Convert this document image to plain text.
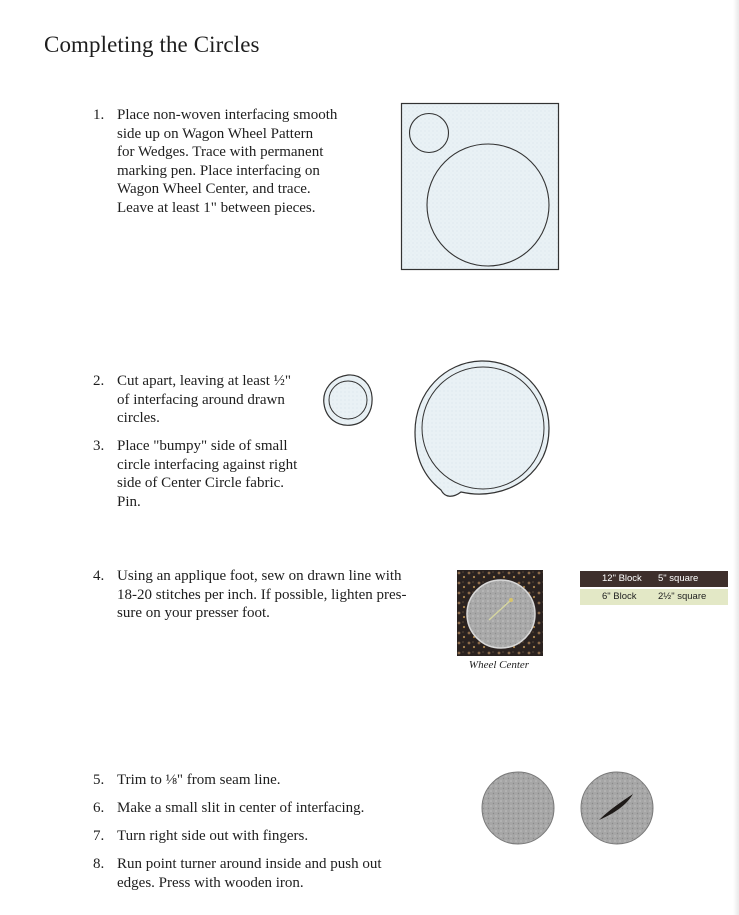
Completing the Circles
1. Place non-woven interfacing smooth
side up on Wagon Wheel Pattern
for Wedges. Trace with permanent
marking pen. Place interfacing on
Wagon Wheel Center, and trace.
Leave at least 1" between pieces.
2. Cut apart, leaving at least ½"
of interfacing around drawn
circles.
3. Place "bumpy" side of small
circle interfacing against right
side of Center Circle fabric.
Pin.
4. Using an applique foot, sew on drawn line with
18-20 stitches per inch. If possible, lighten pres-
sure on your presser foot.
Wheel Center
12" Block 5" square
6" Block 2½" square
5. Trim to ⅛" from seam line.
6. Make a small slit in center of interfacing.
7. Turn right side out with fingers.
8. Run point turner around inside and push out
edges. Press with wooden iron.
